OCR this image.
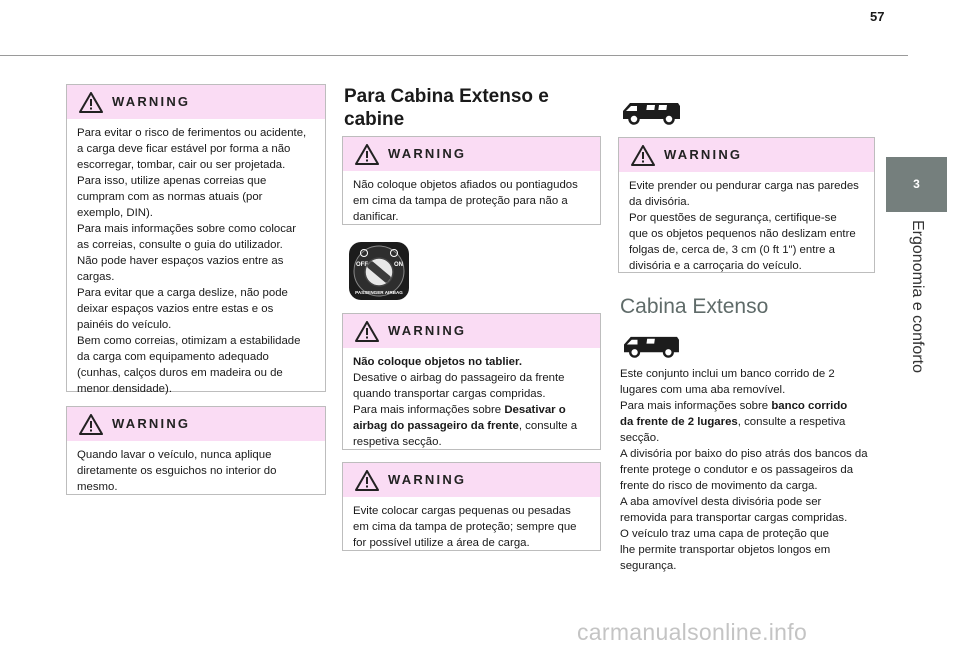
57
3
Ergonomia e conforto
WARNING

Para evitar o risco de ferimentos ou acidente,

a carga deve ficar estável por forma a não

escorregar, tombar, cair ou ser projetada.

Para isso, utilize apenas correias que

cumpram com as normas atuais (por

exemplo, DIN).

Para mais informações sobre como colocar

as correias, consulte o guia do utilizador.

Não pode haver espaços vazios entre as

cargas.

Para evitar que a carga deslize, não pode

deixar espaços vazios entre estas e os

painéis do veículo.

Bem como correias, otimizam a estabilidade

da carga com equipamento adequado

(cunhas, calços duros em madeira ou de

menor densidade).

WARNING

Quando lavar o veículo, nunca aplique

diretamente os esguichos no interior do

mesmo.

Para Cabina Extenso e
cabine
WARNING

Não coloque objetos afiados ou pontiagudos

em cima da tampa de proteção para não a

danificar.

OFF	ON
PASSENGER AIRBAG
WARNING

Não coloque objetos no tablier.

Desative o airbag do passageiro da frente

quando transportar cargas compridas.

Para mais informações sobre Desativar o

airbag do passageiro da frente, consulte a

respetiva secção.

WARNING

Evite colocar cargas pequenas ou pesadas

em cima da tampa de proteção; sempre que

for possível utilize a área de carga.

WARNING

Evite prender ou pendurar carga nas paredes

da divisória.

Por questões de segurança, certifique-se

que os objetos pequenos não deslizam entre

folgas de, cerca de, 3 cm (0 ft 1") entre a

divisória e a carroçaria do veículo.

Cabina Extenso

Este conjunto inclui um banco corrido de 2

lugares com uma aba removível.

Para mais informações sobre banco corrido

da frente de 2 lugares, consulte a respetiva

secção.

A divisória por baixo do piso atrás dos bancos da

frente protege o condutor e os passageiros da

frente do risco de movimento da carga.

A aba amovível desta divisória pode ser

removida para transportar cargas compridas.

O veículo traz uma capa de proteção que

lhe permite transportar objetos longos em

segurança.

carmanualsonline.info
